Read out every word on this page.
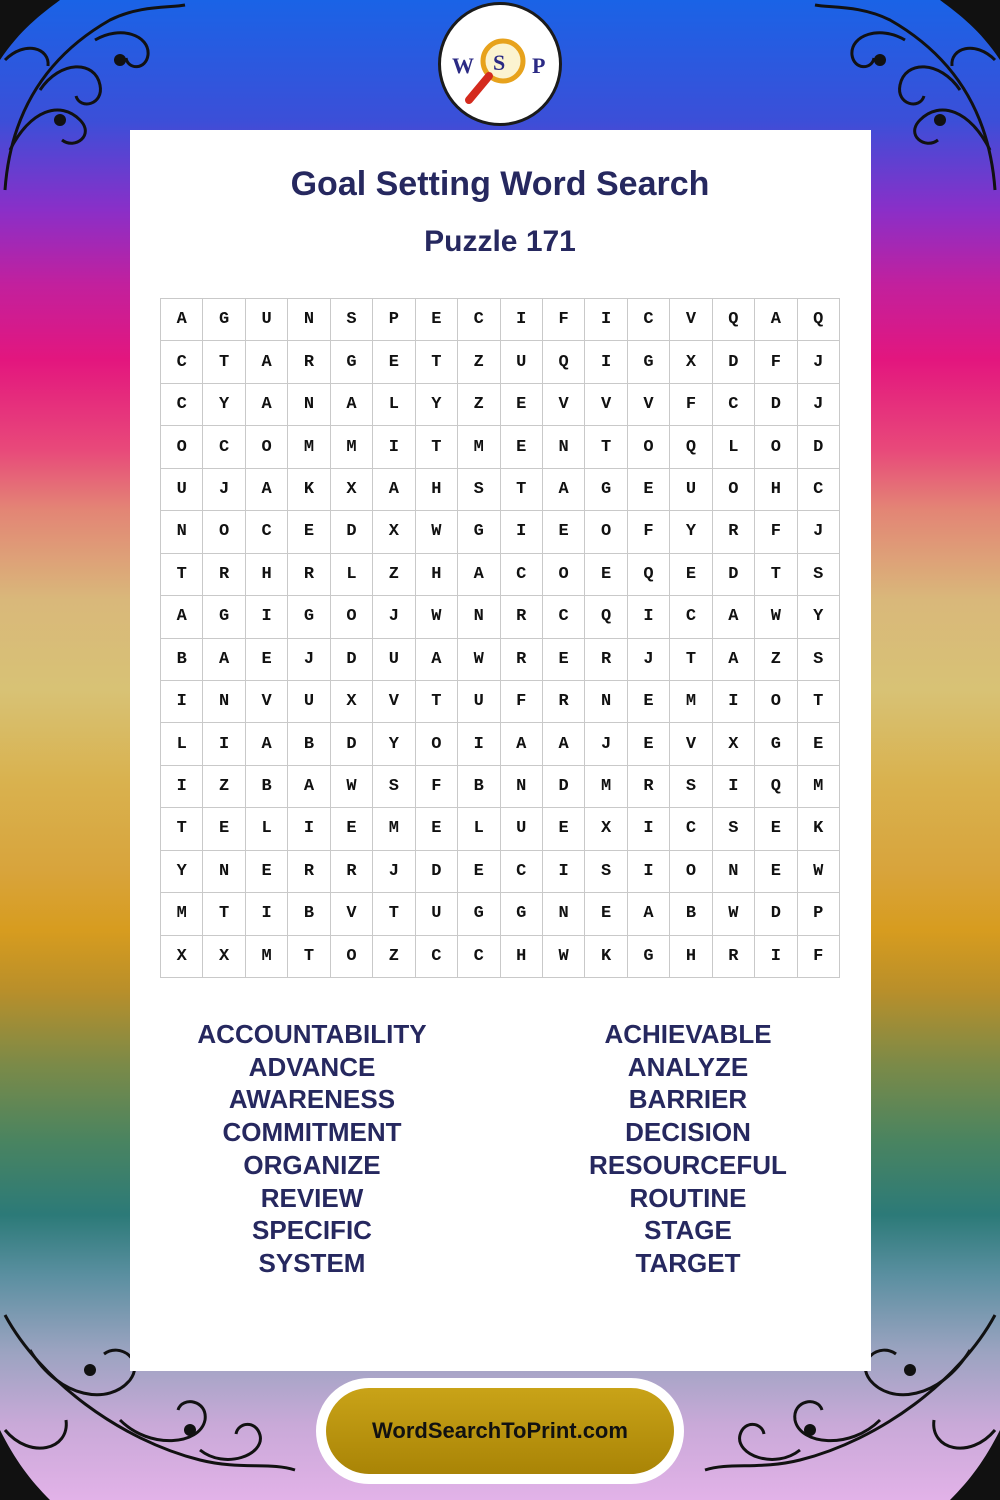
W S P
Goal Setting Word Search
Puzzle 171
A	G	U	N	S	P	E	C	I	F	I	C	V	Q	A	Q
C	T	A	R	G	E	T	Z	U	Q	I	G	X	D	F	J
C	Y	A	N	A	L	Y	Z	E	V	V	V	F	C	D	J
O	C	O	M	M	I	T	M	E	N	T	O	Q	L	O	D
U	J	A	K	X	A	H	S	T	A	G	E	U	O	H	C
N	O	C	E	D	X	W	G	I	E	O	F	Y	R	F	J
T	R	H	R	L	Z	H	A	C	O	E	Q	E	D	T	S
A	G	I	G	O	J	W	N	R	C	Q	I	C	A	W	Y
B	A	E	J	D	U	A	W	R	E	R	J	T	A	Z	S
I	N	V	U	X	V	T	U	F	R	N	E	M	I	O	T
L	I	A	B	D	Y	O	I	A	A	J	E	V	X	G	E
I	Z	B	A	W	S	F	B	N	D	M	R	S	I	Q	M
T	E	L	I	E	M	E	L	U	E	X	I	C	S	E	K
Y	N	E	R	R	J	D	E	C	I	S	I	O	N	E	W
M	T	I	B	V	T	U	G	G	N	E	A	B	W	D	P
X	X	M	T	O	Z	C	C	H	W	K	G	H	R	I	F
ACCOUNTABILITY
ADVANCE
AWARENESS
COMMITMENT
ORGANIZE
REVIEW
SPECIFIC
SYSTEM
ACHIEVABLE
ANALYZE
BARRIER
DECISION
RESOURCEFUL
ROUTINE
STAGE
TARGET
WordSearchToPrint.com
